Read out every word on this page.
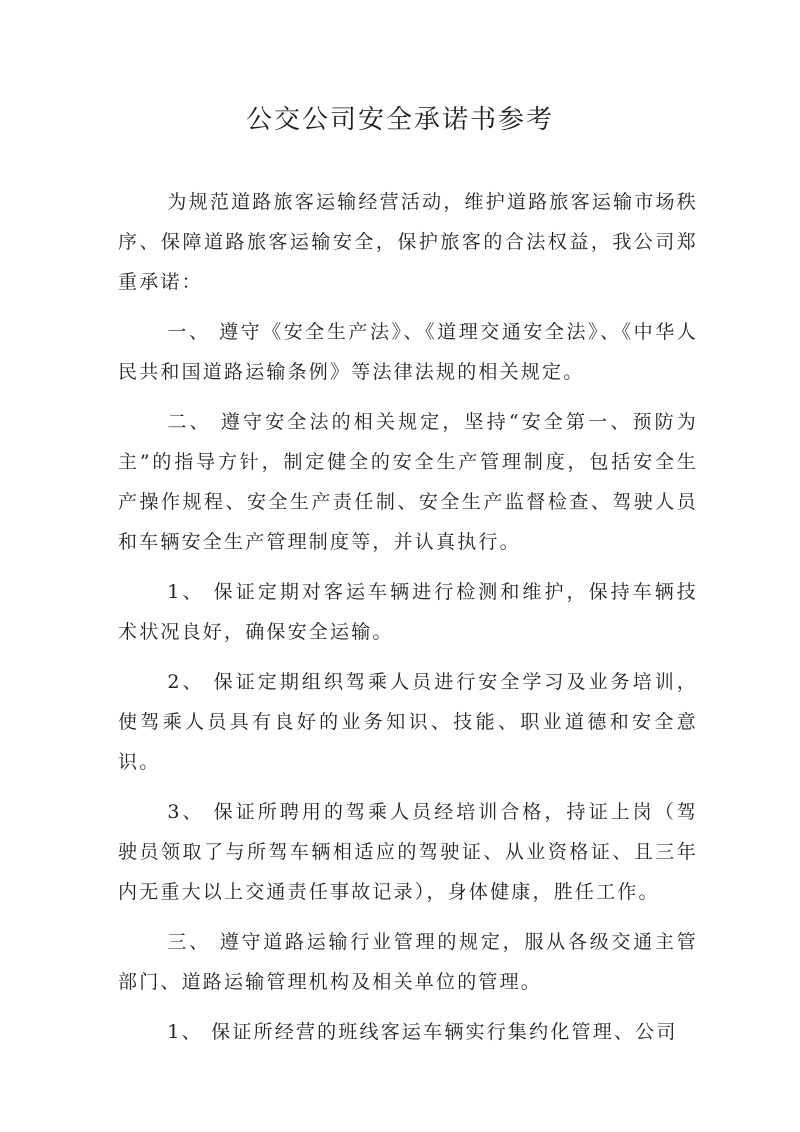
公交公司安全承诺书参考

为规范道路旅客运输经营活动，维护道路旅客运输市场秩序、保障道路旅客运输安全，保护旅客的合法权益，我公司郑重承诺：

一、 遵守《安全生产法》、《道理交通安全法》、《中华人民共和国道路运输条例》等法律法规的相关规定。

二、 遵守安全法的相关规定，坚持“安全第一、预防为主”的指导方针，制定健全的安全生产管理制度，包括安全生产操作规程、安全生产责任制、安全生产监督检查、驾驶人员和车辆安全生产管理制度等，并认真执行。

1、 保证定期对客运车辆进行检测和维护，保持车辆技术状况良好，确保安全运输。

2、 保证定期组织驾乘人员进行安全学习及业务培训，使驾乘人员具有良好的业务知识、技能、职业道德和安全意识。

3、 保证所聘用的驾乘人员经培训合格，持证上岗（驾驶员领取了与所驾车辆相适应的驾驶证、从业资格证、且三年内无重大以上交通责任事故记录），身体健康，胜任工作。

三、 遵守道路运输行业管理的规定，服从各级交通主管部门、道路运输管理机构及相关单位的管理。

1、 保证所经营的班线客运车辆实行集约化管理、公司
